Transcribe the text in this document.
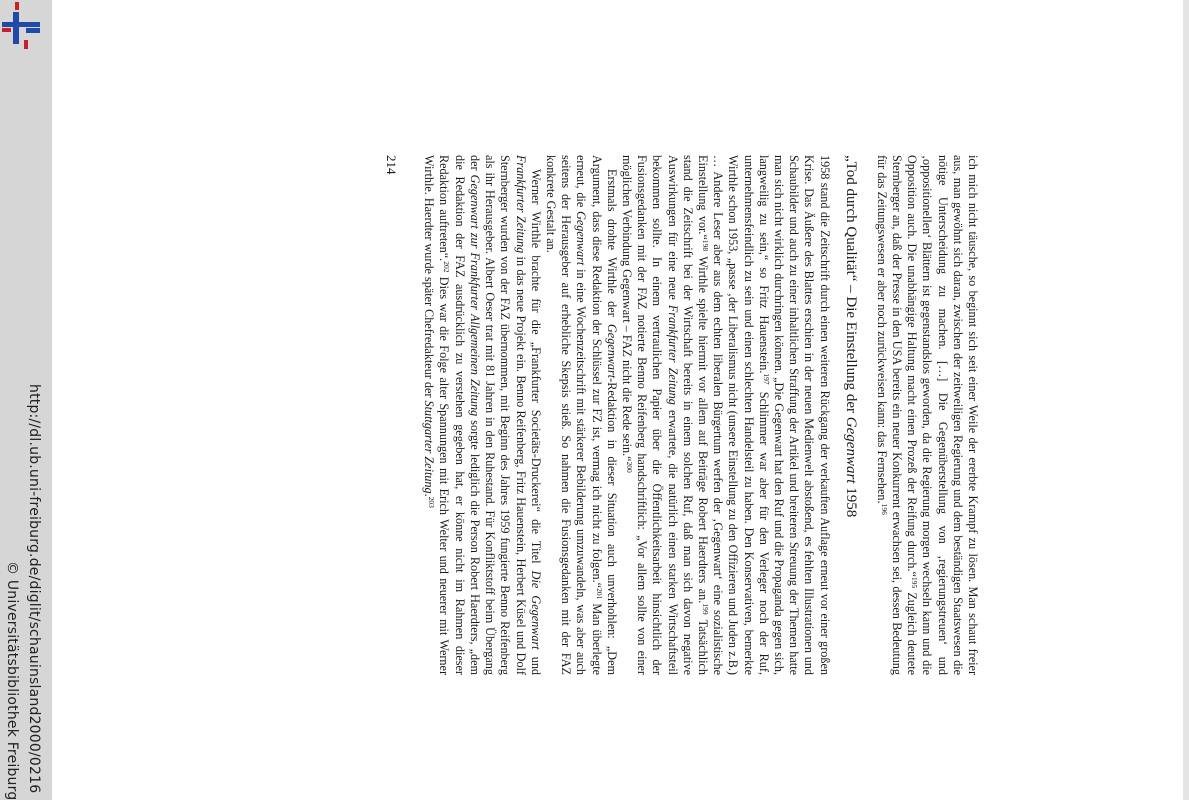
http://dl.ub.uni-freiburg.de/diglit/schauinsland2000/0216
© Universitätsbibliothek Freiburg

ich mich nicht täusche, so beginnt sich seit einer Weile der ererbte Krampf zu lösen. Man schaut freier aus, man gewöhnt sich daran, zwischen der zeitweiligen Regierung und dem beständigen Staatswesen die nötige Unterscheidung zu machen. […] Die Gegenüberstellung von ‚regierungstreuen‘ und ‚oppositionellen‘ Blättern ist gegenstandslos geworden, da die Regierung morgen wechseln kann und die Opposition auch. Die unabhängige Haltung macht einen Prozeß der Reifung durch.“$^{195}$ Zugleich deutete Sternberger an, daß der Presse in den USA bereits ein neuer Konkurrent erwachsen sei, dessen Bedeutung für das Zeitungswesen er aber noch zurückweisen kann: das Fernsehen.$^{196}$

„Tod durch Qualität“ – Die Einstellung der Gegenwart 1958

1958 stand die Zeitschrift durch einen weiteren Rückgang der verkauften Auflage erneut vor einer großen Krise. Das Äußere des Blattes erschien in der neuen Medienwelt abstoßend, es fehlten Illustrationen und Schaubilder und auch zu einer inhaltlichen Straffung der Artikel und breiteren Streuung der Themen hatte man sich nicht wirklich durchringen können. „Die Gegenwart hat den Ruf und die Propaganda gegen sich, langweilig zu sein,“ so Fritz Hauenstein.$^{197}$ Schlimmer war aber für den Verleger noch der Ruf, unternehmensfeindlich zu sein und einen schlechten Handelsteil zu haben. Den Konservativen, bemerkte Wirthle schon 1953, „passe ‚der Liberalismus nicht (unsere Einstellung zu den Offizieren und Juden z.B.) … Andere Leser aber aus dem echten liberalen Bürgertum werfen der ‚Gegenwart‘ eine sozialistische Einstellung vor.“$^{198}$ Wirthle spielte hiermit vor allem auf Beiträge Robert Haerdters an.$^{199}$ Tatsächlich stand die Zeitschrift bei der Wirtschaft bereits in einem solchen Ruf, daß man sich davon negative Auswirkungen für eine neue Frankfurter Zeitung erwartete, die natürlich einen starken Wirtschaftsteil bekommen sollte. In einem vertraulichen Papier über die Öffentlichkeitsarbeit hinsichtlich der Fusionsgedanken mit der FAZ notierte Benno Reifenberg handschriftlich: „Vor allem sollte von einer möglichen Verbindung Gegenwart – FAZ nicht die Rede sein.“$^{200}$

Erstmals drohte Wirthle der Gegenwart-Redaktion in dieser Situation auch unverhohlen: „Dem Argument, dass diese Redaktion der Schlüssel zur FZ ist, vermag ich nicht zu folgen.“$^{201}$ Man überlegte erneut, die Gegenwart in eine Wochenzeitschrift mit stärkerer Bebilderung umzuwandeln, was aber auch seitens der Herausgeber auf erhebliche Skepsis stieß. So nahmen die Fusionsgedanken mit der FAZ konkrete Gestalt an.

Werner Wirthle brachte für die „Frankfurter Societäts-Druckerei“ die Titel Die Gegenwart und Frankfurter Zeitung in das neue Projekt ein. Benno Reifenberg, Fritz Hauenstein, Herbert Küsel und Dolf Sternberger wurden von der FAZ übernommen, mit Beginn des Jahres 1959 fungierte Benno Reifenberg als ihr Herausgeber. Albert Oeser trat mit 81 Jahren in den Ruhestand. Für Konfliktstoff beim Übergang der Gegenwart zur Frankfurter Allgemeinen Zeitung sorgte lediglich die Person Robert Haerdters, „dem die Redaktion der FAZ ausdrücklich zu verstehen gegeben hat, er könne nicht im Rahmen dieser Redaktion auftreten“.$^{202}$ Dies war die Folge alter Spannungen mit Erich Welter und neuerer mit Werner Wirthle. Haerdter wurde später Chefredakteur der Stuttgarter Zeitung.$^{203}$

214
